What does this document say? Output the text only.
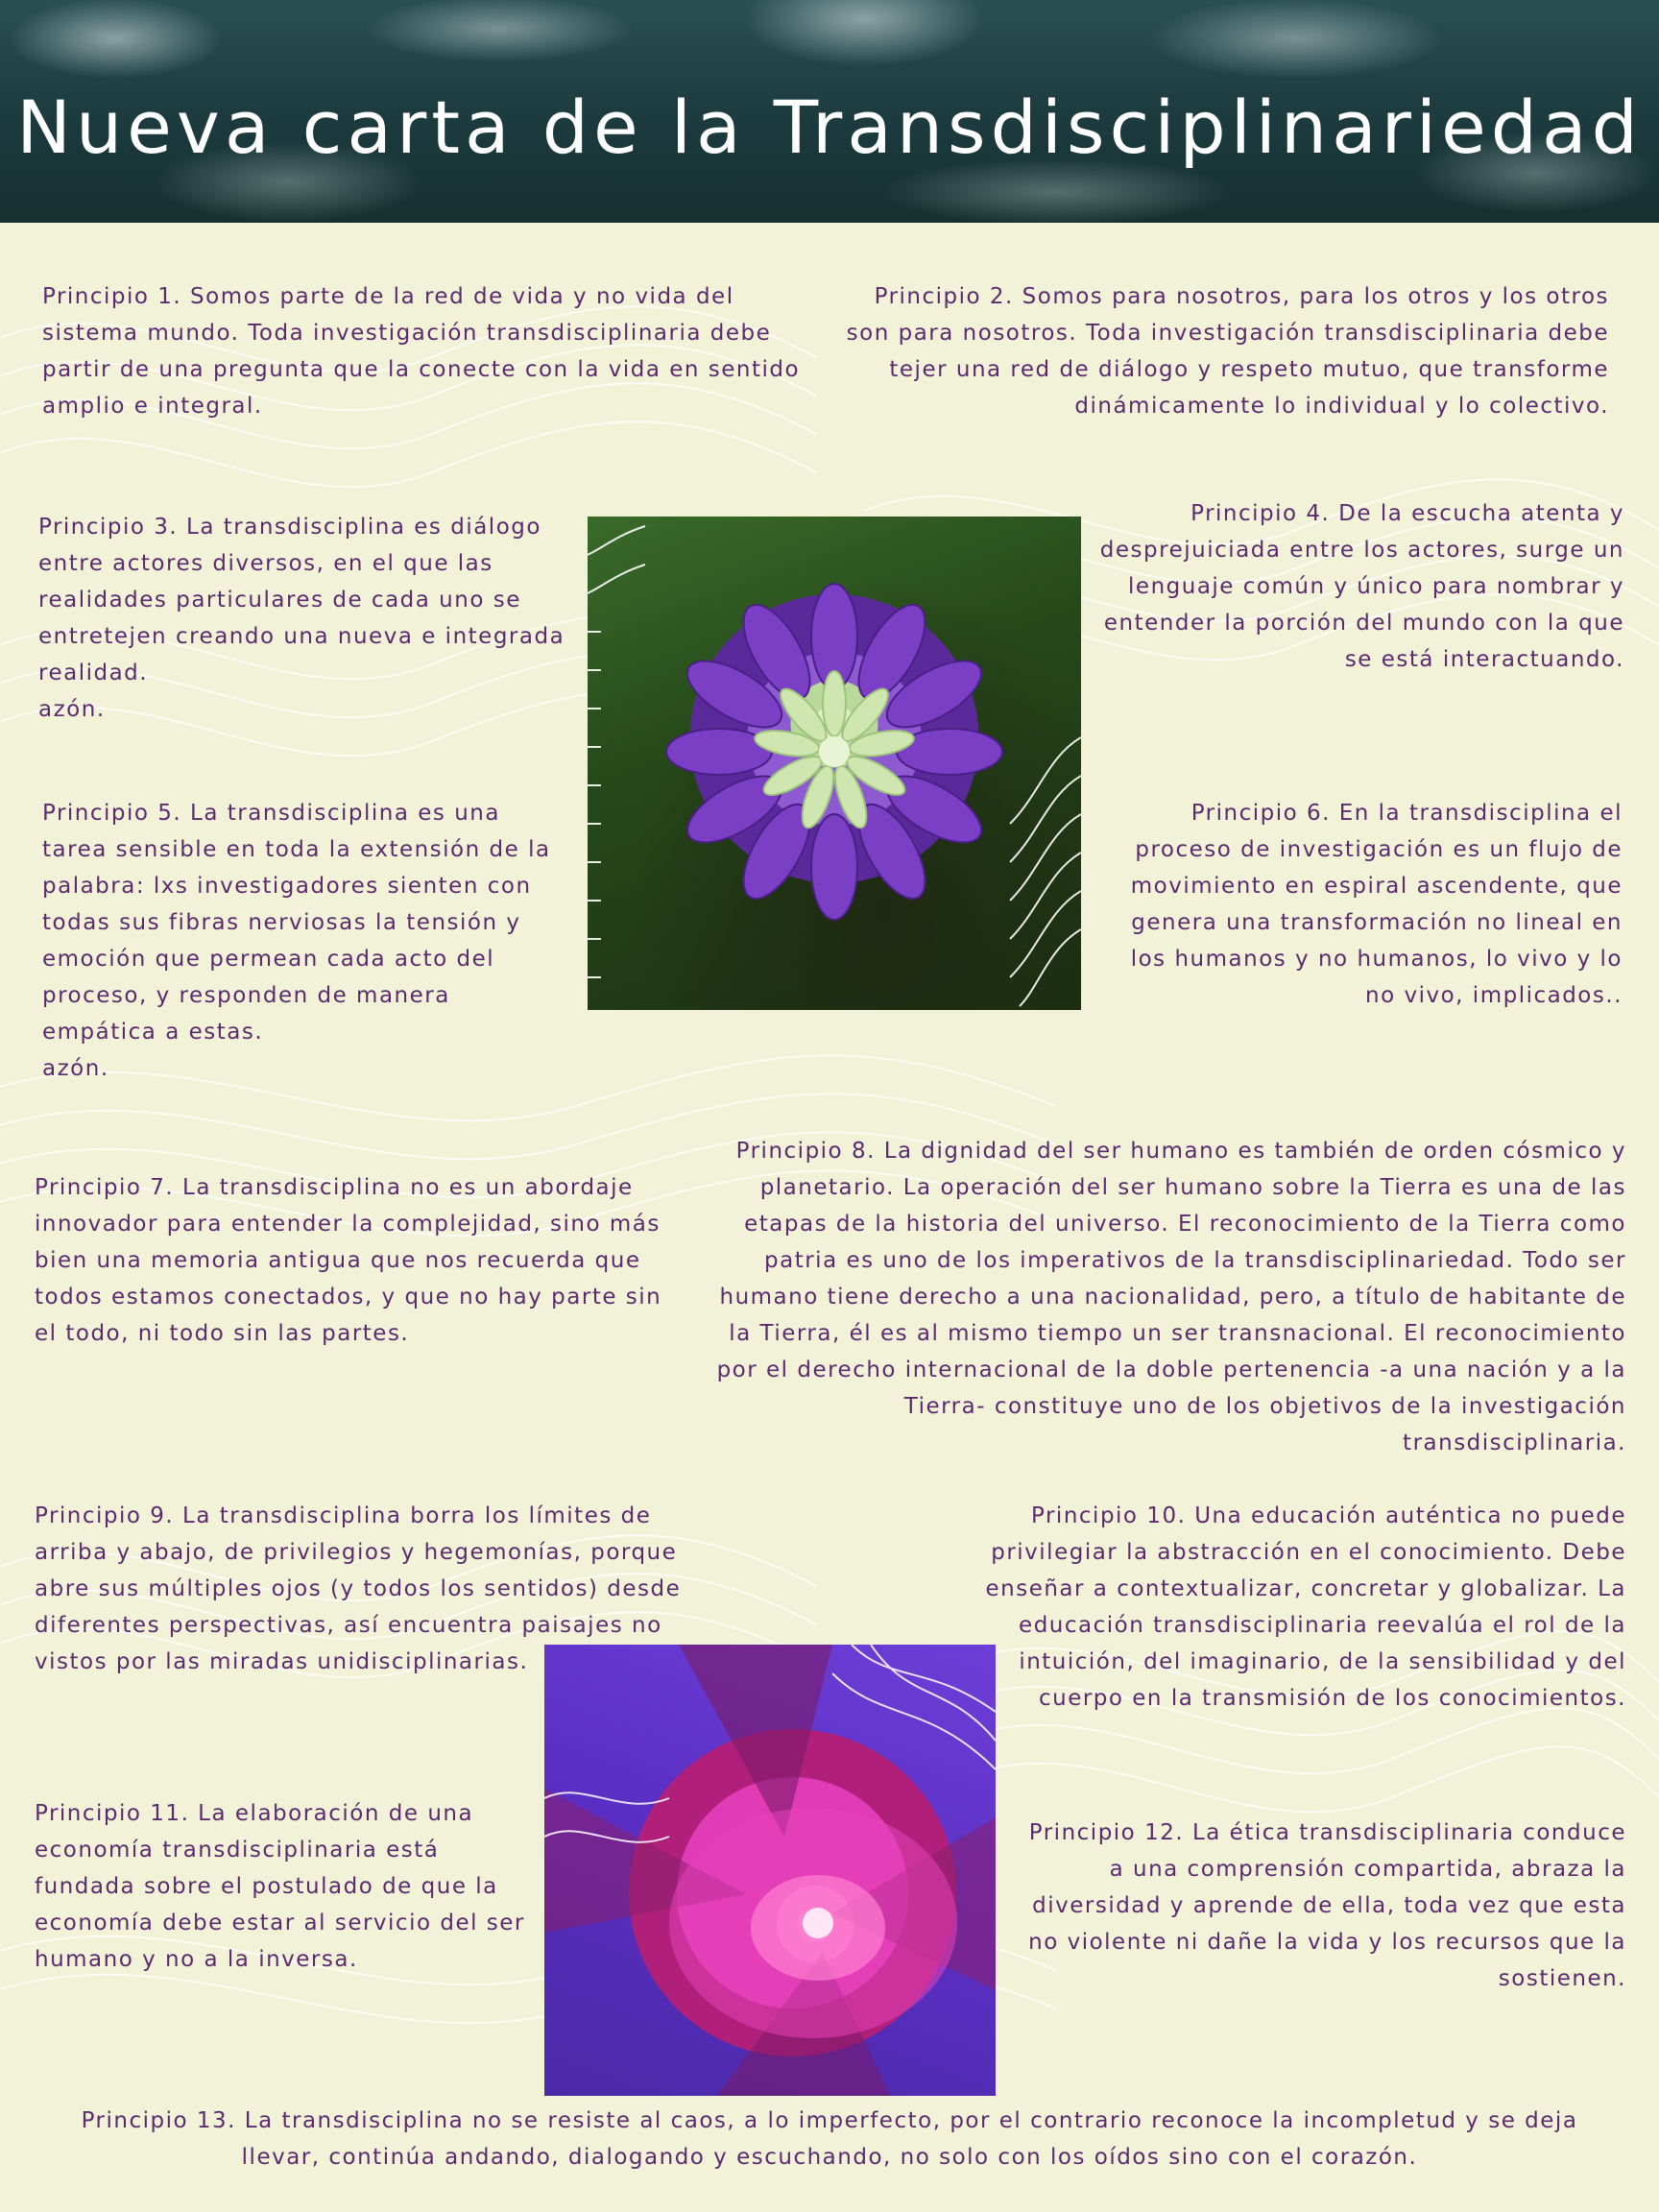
Nueva carta de la Transdisciplinariedad

Principio 1. Somos parte de la red de vida y no vida del sistema mundo. Toda investigación transdisciplinaria debe partir de una pregunta que la conecte con la vida en sentido amplio e integral.

Principio 2. Somos para nosotros, para los otros y los otros son para nosotros. Toda investigación transdisciplinaria debe tejer una red de diálogo y respeto mutuo, que transforme dinámicamente lo individual y lo colectivo.

Principio 3. La transdisciplina es diálogo entre actores diversos, en el que las realidades particulares de cada uno se entretejen creando una nueva e integrada realidad.
azón.

Principio 4. De la escucha atenta y desprejuiciada entre los actores, surge un lenguaje común y único para nombrar y entender la porción del mundo con la que se está interactuando.

Principio 5. La transdisciplina es una tarea sensible en toda la extensión de la palabra: lxs investigadores sienten con todas sus fibras nerviosas la tensión y emoción que permean cada acto del proceso, y responden de manera empática a estas.
azón.

Principio 6. En la transdisciplina el proceso de investigación es un flujo de movimiento en espiral ascendente, que genera una transformación no lineal en los humanos y no humanos, lo vivo y lo no vivo, implicados..

Principio 7. La transdisciplina no es un abordaje innovador para entender la complejidad, sino más bien una memoria antigua que nos recuerda que todos estamos conectados, y que no hay parte sin el todo, ni todo sin las partes.

Principio 8. La dignidad del ser humano es también de orden cósmico y planetario. La operación del ser humano sobre la Tierra es una de las etapas de la historia del universo. El reconocimiento de la Tierra como patria es uno de los imperativos de la transdisciplinariedad. Todo ser humano tiene derecho a una nacionalidad, pero, a título de habitante de la Tierra, él es al mismo tiempo un ser transnacional. El reconocimiento por el derecho internacional de la doble pertenencia -a una nación y a la Tierra- constituye uno de los objetivos de la investigación transdisciplinaria.

Principio 9. La transdisciplina borra los límites de arriba y abajo, de privilegios y hegemonías, porque abre sus múltiples ojos (y todos los sentidos) desde diferentes perspectivas, así encuentra paisajes no vistos por las miradas unidisciplinarias.

Principio 10. Una educación auténtica no puede privilegiar la abstracción en el conocimiento. Debe enseñar a contextualizar, concretar y globalizar. La educación transdisciplinaria reevalúa el rol de la intuición, del imaginario, de la sensibilidad y del cuerpo en la transmisión de los conocimientos.

Principio 11. La elaboración de una economía transdisciplinaria está fundada sobre el postulado de que la economía debe estar al servicio del ser humano y no a la inversa.

Principio 12. La ética transdisciplinaria conduce a una comprensión compartida, abraza la diversidad y aprende de ella, toda vez que esta no violente ni dañe la vida y los recursos que la sostienen.

Principio 13. La transdisciplina no se resiste al caos, a lo imperfecto, por el contrario reconoce la incompletud y se deja llevar, continúa andando, dialogando y escuchando, no solo con los oídos sino con el corazón.
